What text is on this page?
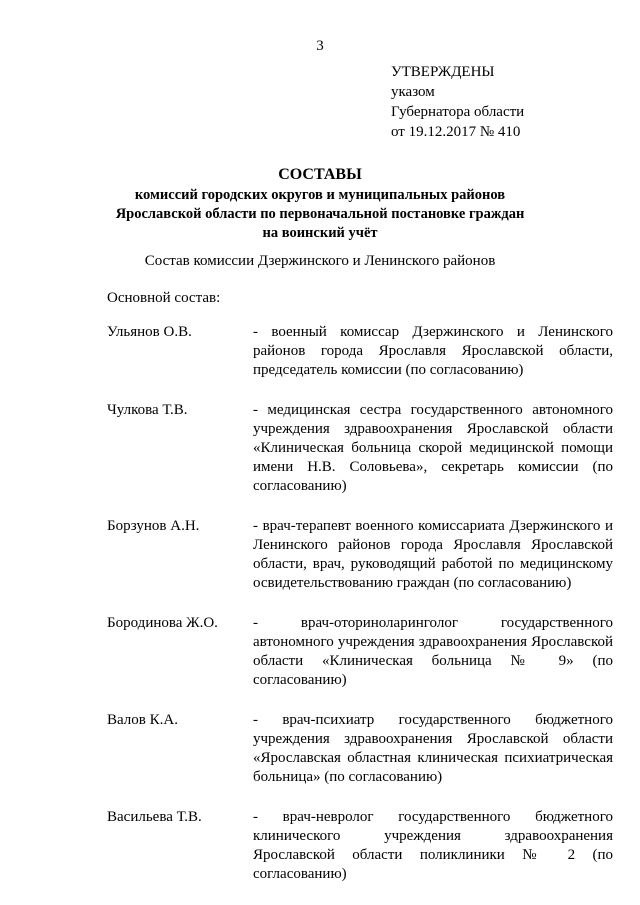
3
УТВЕРЖДЕНЫ
указом
Губернатора области
от 19.12.2017 № 410
СОСТАВЫ
комиссий городских округов и муниципальных районов
Ярославской области по первоначальной постановке граждан
на воинский учёт
Состав комиссии Дзержинского и Ленинского районов
Основной состав:
Ульянов О.В.	- военный комиссар Дзержинского и Ленинского районов города Ярославля Ярославской области, председатель комиссии (по согласованию)
Чулкова Т.В.	- медицинская сестра государственного автономного учреждения здравоохранения Ярославской области «Клиническая больница скорой медицинской помощи имени Н.В. Соловьева», секретарь комиссии (по согласованию)
Борзунов А.Н.	- врач-терапевт военного комиссариата Дзержинского и Ленинского районов города Ярославля Ярославской области, врач, руководящий работой по медицинскому освидетельствованию граждан (по согласованию)
Бородинова Ж.О. - врач-оториноларинголог государственного автономного учреждения здравоохранения Ярославской области «Клиническая больница № 9» (по согласованию)
Валов К.А.	- врач-психиатр государственного бюджетного учреждения здравоохранения Ярославской области «Ярославская областная клиническая психиатрическая больница» (по согласованию)
Васильева Т.В.	- врач-невролог государственного бюджетного клинического учреждения здравоохранения Ярославской области поликлиники № 2 (по согласованию)
